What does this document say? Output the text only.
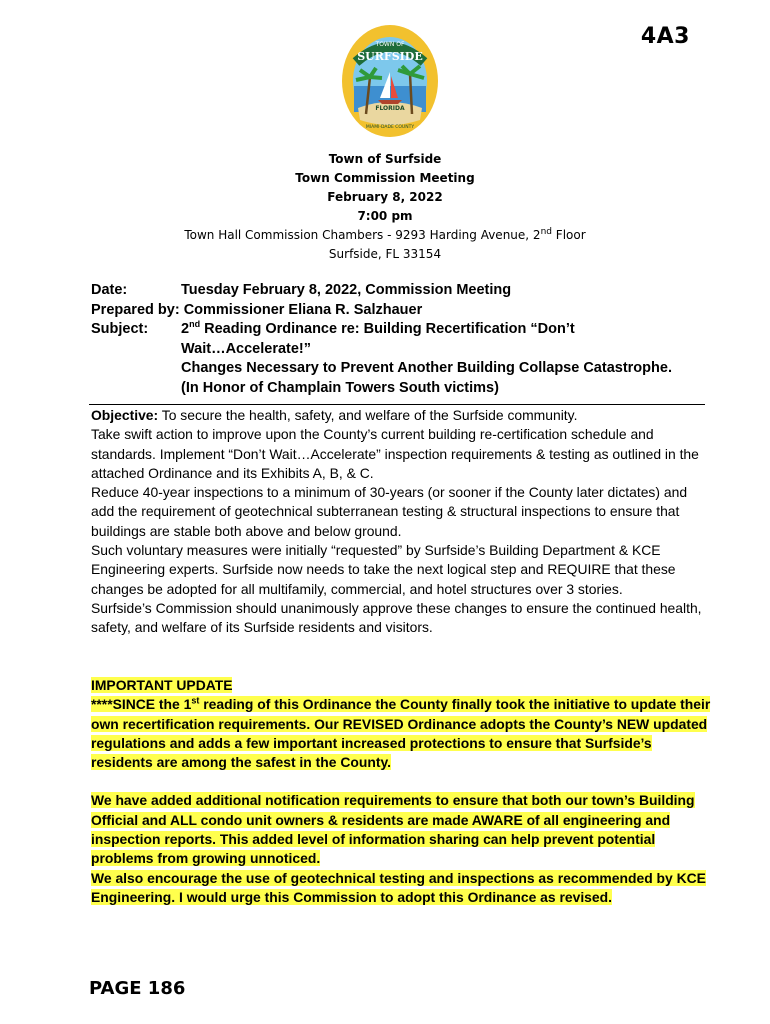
4A3
TOWN OF
SURFSIDE
FLORIDA
MIAMI-DADE COUNTY
Town of Surfside
Town Commission Meeting
February 8, 2022
7:00 pm
Town Hall Commission Chambers - 9293 Harding Avenue, 2nd Floor
Surfside, FL 33154
Date:	Tuesday February 8, 2022, Commission Meeting
Prepared by:
Commissioner Eliana R. Salzhauer
Subject:	2nd Reading Ordinance re: Building Recertification “Don’t
Wait…Accelerate!”
Changes Necessary to Prevent Another Building Collapse Catastrophe.
(In Honor of Champlain Towers South victims)

Objective: To secure the health, safety, and welfare of the Surfside community.

Take swift action to improve upon the County’s current building re-certification schedule and standards. Implement “Don’t Wait…Accelerate” inspection requirements & testing as outlined in the attached Ordinance and its Exhibits A, B, & C.

Reduce 40-year inspections to a minimum of 30-years (or sooner if the County later dictates) and add the requirement of geotechnical subterranean testing & structural inspections to ensure that buildings are stable both above and below ground.

Such voluntary measures were initially “requested” by Surfside’s Building Department & KCE Engineering experts. Surfside now needs to take the next logical step and REQUIRE that these changes be adopted for all multifamily, commercial, and hotel structures over 3 stories.

Surfside’s Commission should unanimously approve these changes to ensure the continued health, safety, and welfare of its Surfside residents and visitors.

IMPORTANT UPDATE

****SINCE the 1st reading of this Ordinance the County finally took the initiative to update their own recertification requirements. Our REVISED Ordinance adopts the County’s NEW updated regulations and adds a few important increased protections to ensure that Surfside’s residents are among the safest in the County.

We have added additional notification requirements to ensure that both our town’s Building Official and ALL condo unit owners & residents are made AWARE of all engineering and inspection reports. This added level of information sharing can help prevent potential problems from growing unnoticed.

We also encourage the use of geotechnical testing and inspections as recommended by KCE Engineering. I would urge this Commission to adopt this Ordinance as revised.

PAGE 186
